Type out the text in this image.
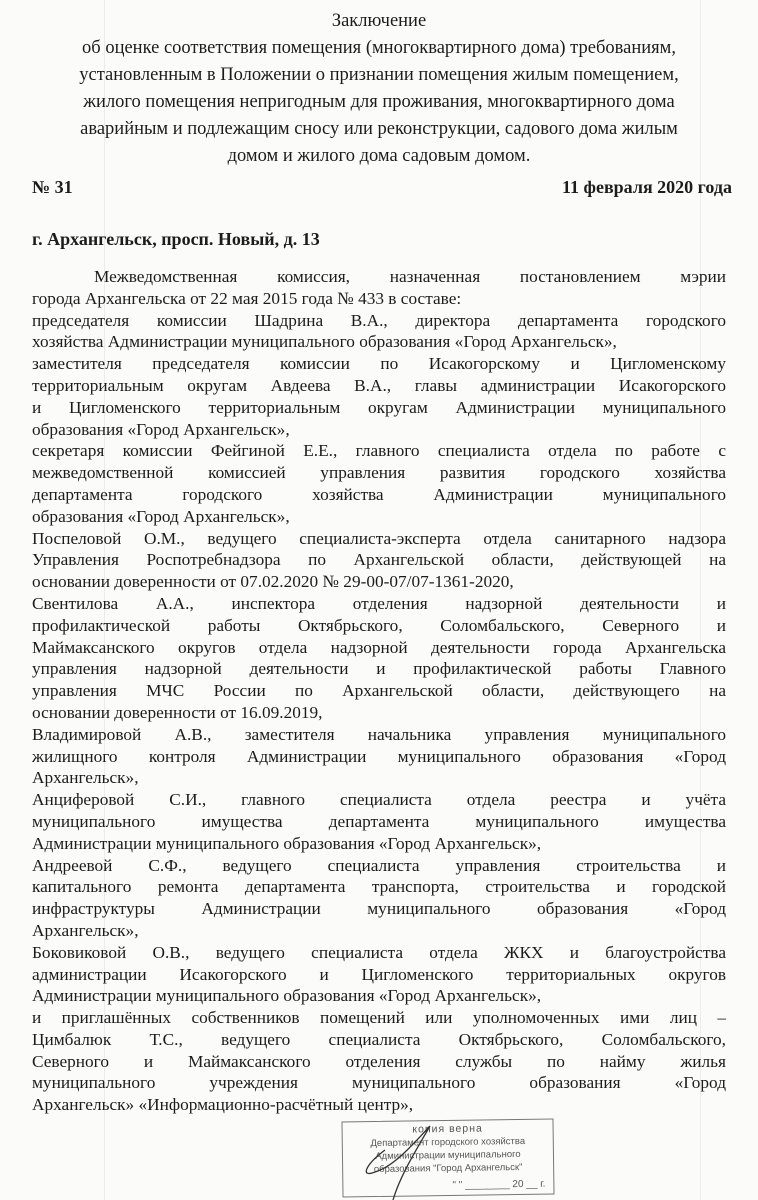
Заключение
об оценке соответствия помещения (многоквартирного дома) требованиям,
установленным в Положении о признании помещения жилым помещением,
жилого помещения непригодным для проживания, многоквартирного дома
аварийным и подлежащим сносу или реконструкции, садового дома жилым
домом и жилого дома садовым домом.
№ 31	11 февраля 2020 года
г. Архангельск, просп. Новый, д. 13
Межведомственная комиссия, назначенная постановлением мэрии
города Архангельска от 22 мая 2015 года № 433 в составе:
председателя комиссии Шадрина В.А., директора департамента городского
хозяйства Администрации муниципального образования «Город Архангельск»,
заместителя председателя комиссии по Исакогорскому и Цигломенскому
территориальным округам Авдеева В.А., главы администрации Исакогорского
и Цигломенского территориальным округам Администрации муниципального
образования «Город Архангельск»,
секретаря комиссии Фейгиной Е.Е., главного специалиста отдела по работе с
межведомственной комиссией управления развития городского хозяйства
департамента городского хозяйства Администрации муниципального
образования «Город Архангельск»,
Поспеловой О.М., ведущего специалиста-эксперта отдела санитарного надзора
Управления Роспотребнадзора по Архангельской области, действующей на
основании доверенности от 07.02.2020 № 29-00-07/07-1361-2020,
Свентилова А.А., инспектора отделения надзорной деятельности и
профилактической работы Октябрьского, Соломбальского, Северного и
Маймаксанского округов отдела надзорной деятельности города Архангельска
управления надзорной деятельности и профилактической работы Главного
управления МЧС России по Архангельской области, действующего на
основании доверенности от 16.09.2019,
Владимировой А.В., заместителя начальника управления муниципального
жилищного контроля Администрации муниципального образования «Город
Архангельск»,
Анциферовой С.И., главного специалиста отдела реестра и учёта
муниципального имущества департамента муниципального имущества
Администрации муниципального образования «Город Архангельск»,
Андреевой С.Ф., ведущего специалиста управления строительства и
капитального ремонта департамента транспорта, строительства и городской
инфраструктуры Администрации муниципального образования «Город
Архангельск»,
Боковиковой О.В., ведущего специалиста отдела ЖКХ и благоустройства
администрации Исакогорского и Цигломенского территориальных округов
Администрации муниципального образования «Город Архангельск»,
и приглашённых собственников помещений или уполномоченных ими лиц –
Цимбалюк Т.С., ведущего специалиста Октябрьского, Соломбальского,
Северного и Маймаксанского отделения службы по найму жилья
муниципального учреждения муниципального образования «Город
Архангельск» «Информационно-расчётный центр»,
копия верна
Департамент городского хозяйства
Администрации муниципального
образования "Город Архангельск"
" " ________ 20 __ г.
